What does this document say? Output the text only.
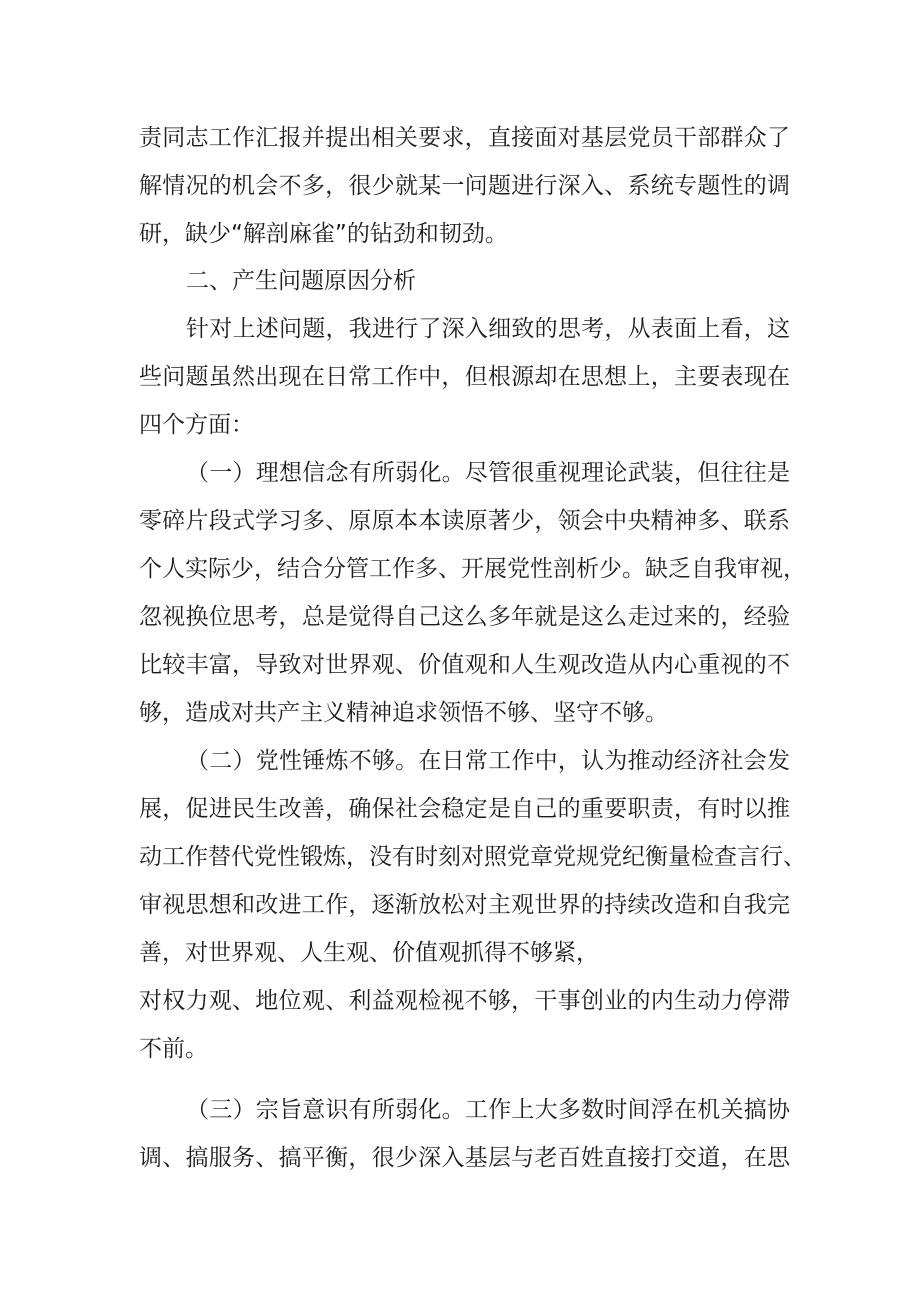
责同志工作汇报并提出相关要求，直接面对基层党员干部群众了

解情况的机会不多，很少就某一问题进行深入、系统专题性的调

研，缺少“解剖麻雀”的钻劲和韧劲。

二、产生问题原因分析

针对上述问题，我进行了深入细致的思考，从表面上看，这

些问题虽然出现在日常工作中，但根源却在思想上，主要表现在

四个方面：

（一）理想信念有所弱化。尽管很重视理论武装，但往往是

零碎片段式学习多、原原本本读原著少，领会中央精神多、联系

个人实际少，结合分管工作多、开展党性剖析少。缺乏自我审视，

忽视换位思考，总是觉得自己这么多年就是这么走过来的，经验

比较丰富，导致对世界观、价值观和人生观改造从内心重视的不

够，造成对共产主义精神追求领悟不够、坚守不够。

（二）党性锤炼不够。在日常工作中，认为推动经济社会发

展，促进民生改善，确保社会稳定是自己的重要职责，有时以推

动工作替代党性锻炼，没有时刻对照党章党规党纪衡量检查言行、

审视思想和改进工作，逐渐放松对主观世界的持续改造和自我完

善，对世界观、人生观、价值观抓得不够紧，

对权力观、地位观、利益观检视不够，干事创业的内生动力停滞

不前。

（三）宗旨意识有所弱化。工作上大多数时间浮在机关搞协

调、搞服务、搞平衡，很少深入基层与老百姓直接打交道，在思
